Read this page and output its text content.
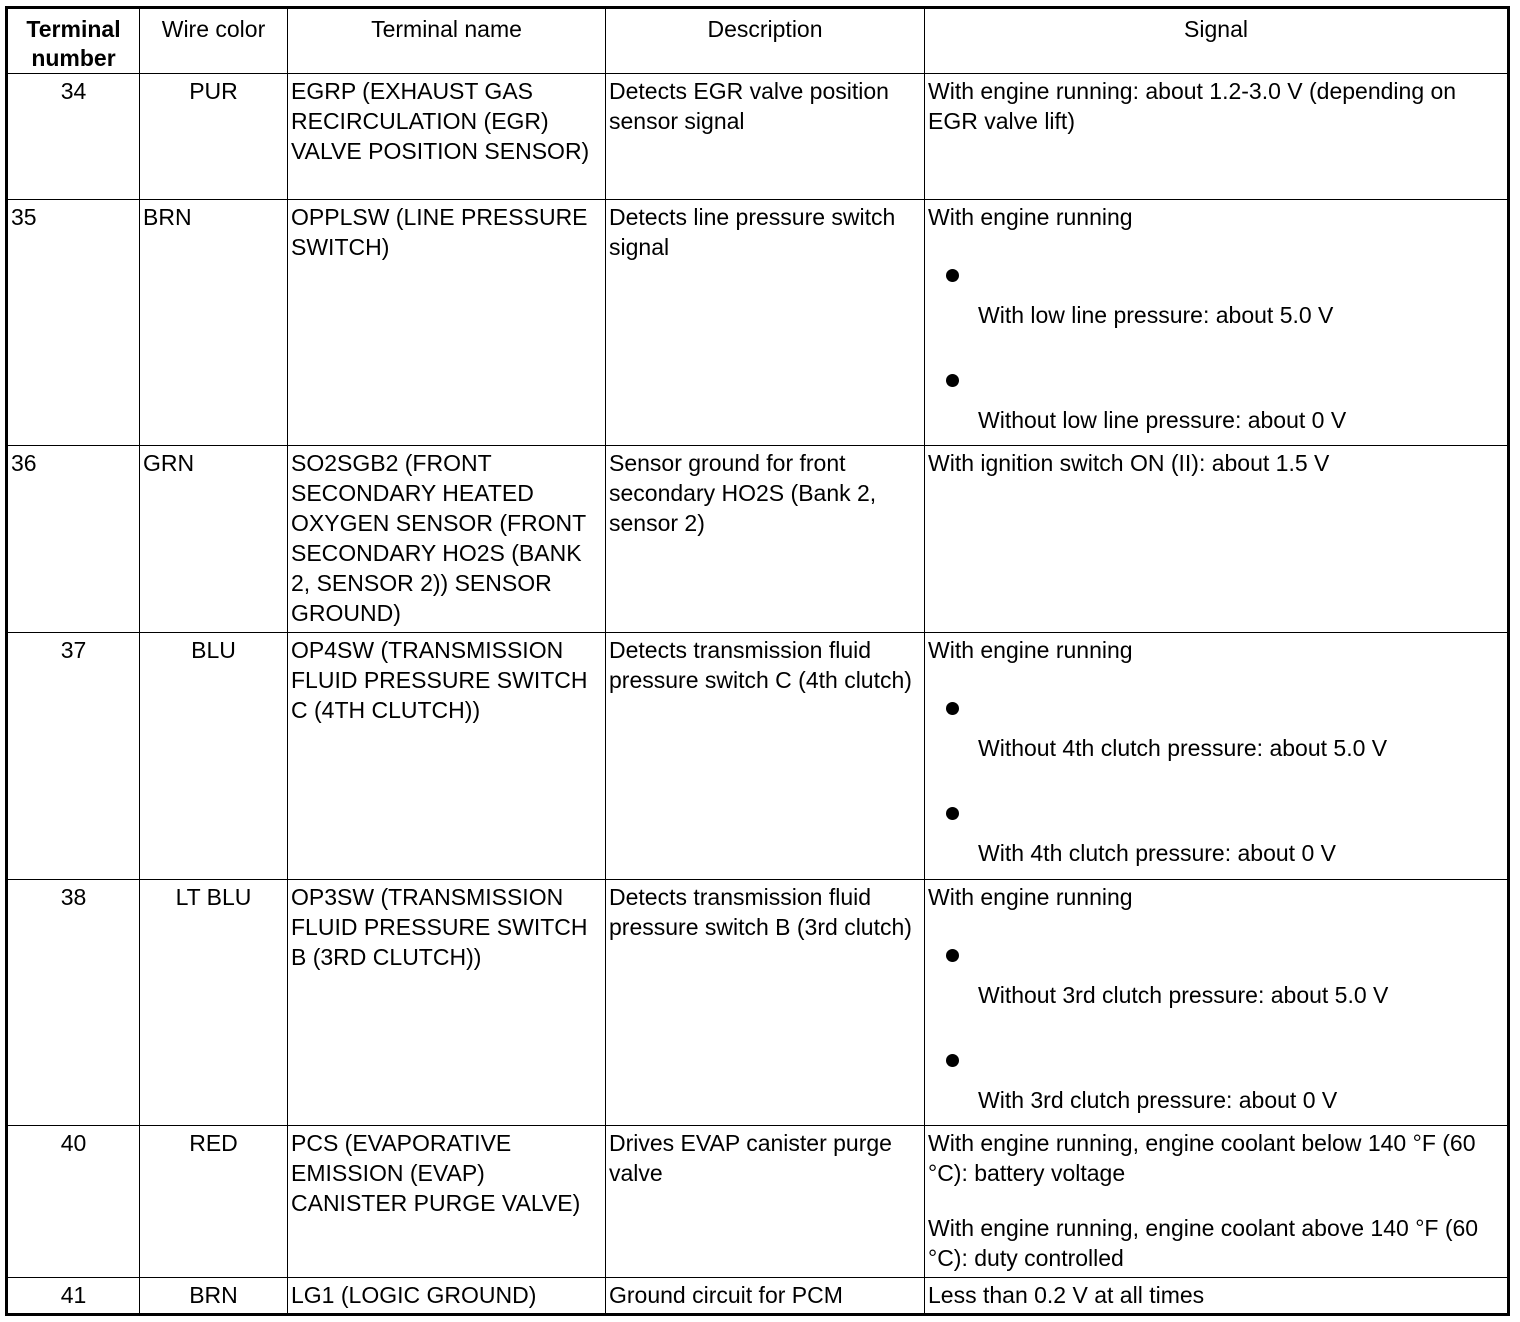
Terminal number	Wire color	Terminal name	Description	Signal
34	PUR	EGRP (EXHAUST GAS RECIRCULATION (EGR) VALVE POSITION SENSOR)	Detects EGR valve position sensor signal	With engine running: about 1.2-3.0 V (depending on EGR valve lift)
35	BRN	OPPLSW (LINE PRESSURE SWITCH)	Detects line pressure switch signal	With engine running
With low line pressure: about 5.0 V
Without low line pressure: about 0 V

36	GRN	SO2SGB2 (FRONT SECONDARY HEATED OXYGEN SENSOR (FRONT SECONDARY HO2S (BANK 2, SENSOR 2)) SENSOR GROUND)	Sensor ground for front secondary HO2S (Bank 2, sensor 2)	With ignition switch ON (II): about 1.5 V
37	BLU	OP4SW (TRANSMISSION FLUID PRESSURE SWITCH C (4TH CLUTCH))	Detects transmission fluid pressure switch C (4th clutch)	With engine running
Without 4th clutch pressure: about 5.0 V
With 4th clutch pressure: about 0 V

38	LT BLU	OP3SW (TRANSMISSION FLUID PRESSURE SWITCH B (3RD CLUTCH))	Detects transmission fluid pressure switch B (3rd clutch)	With engine running
Without 3rd clutch pressure: about 5.0 V
With 3rd clutch pressure: about 0 V

40	RED	PCS (EVAPORATIVE EMISSION (EVAP) CANISTER PURGE VALVE)	Drives EVAP canister purge valve	With engine running, engine coolant below 140 °F (60 °C): battery voltage
With engine running, engine coolant above 140 °F (60 °C): duty controlled

41	BRN	LG1 (LOGIC GROUND)	Ground circuit for PCM	Less than 0.2 V at all times
